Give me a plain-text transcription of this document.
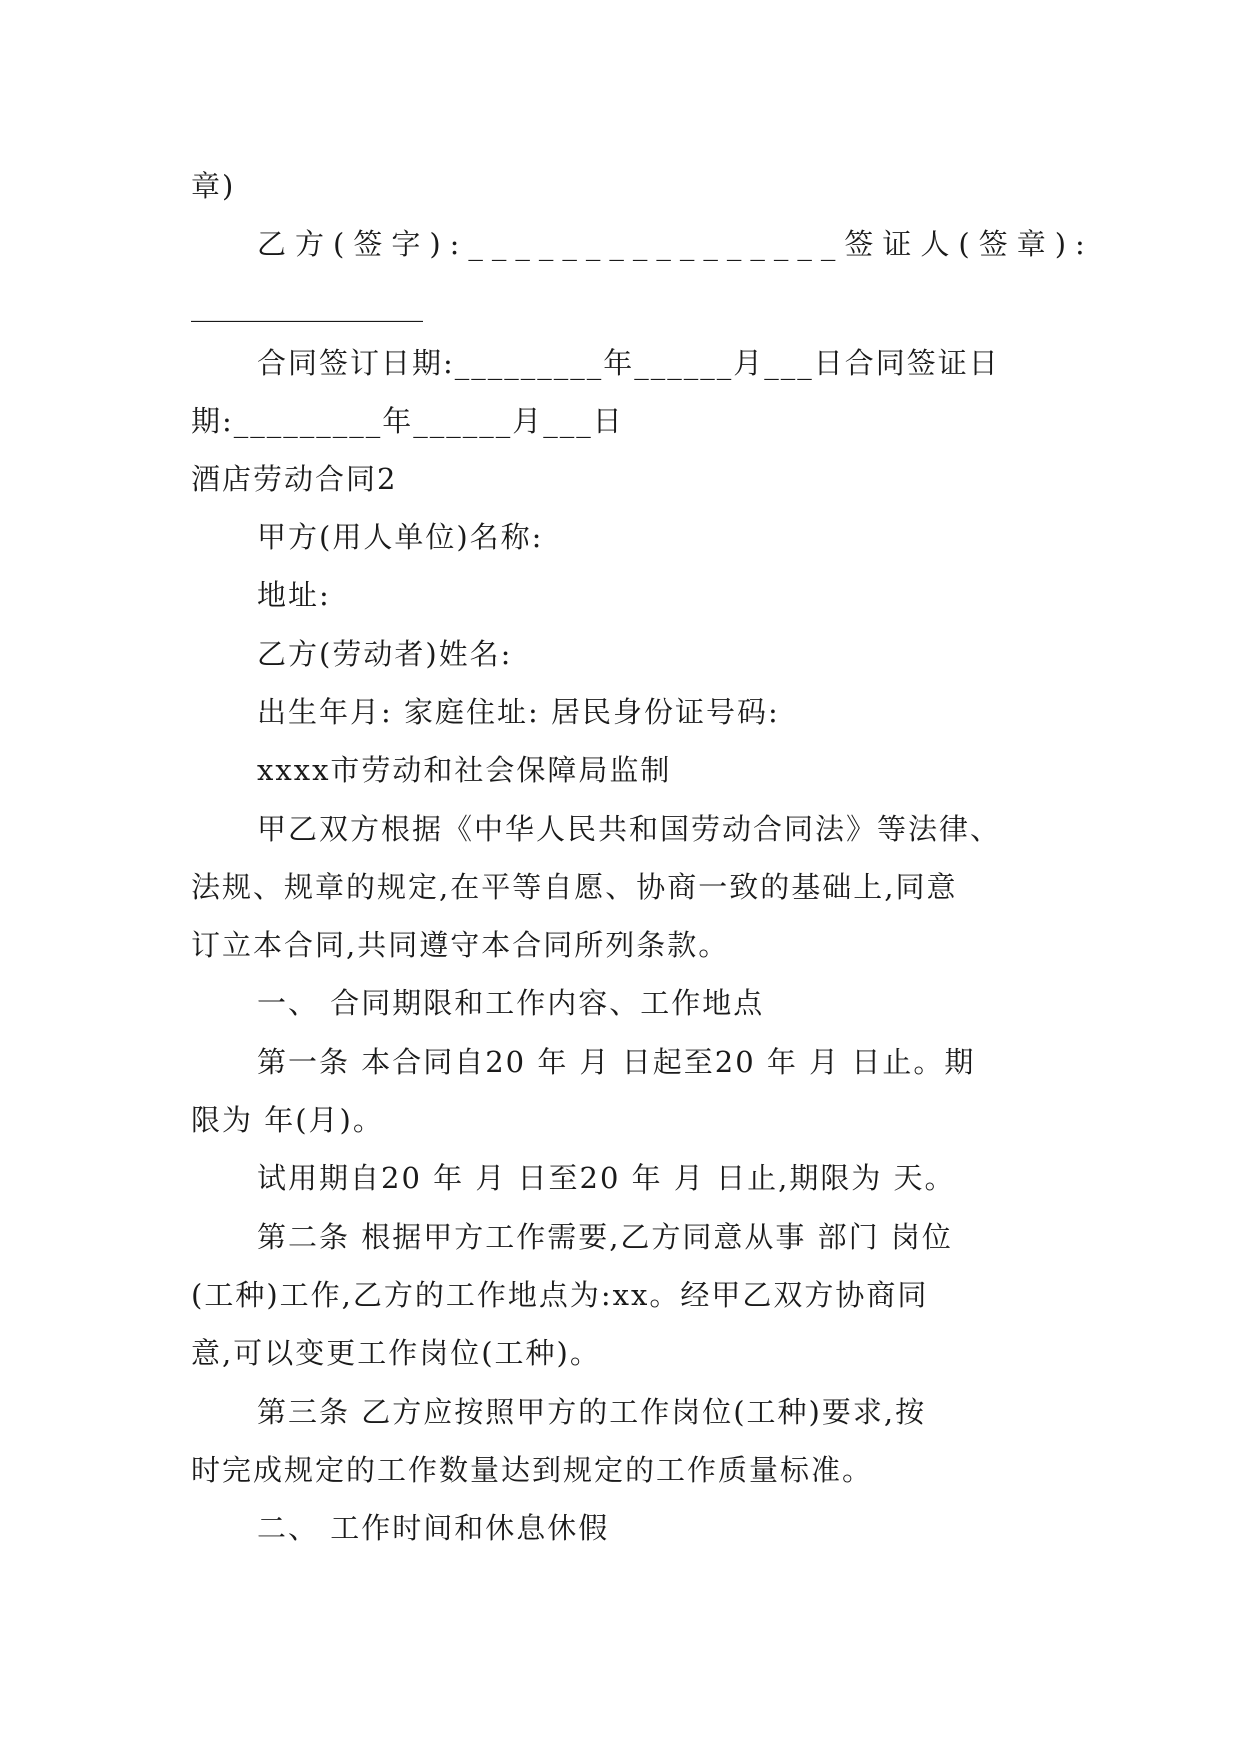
章)
乙方(签字):________________签证人(签章):
________________
合同签订日期:_________年______月___日合同签证日
期:_________年______月___日
酒店劳动合同2
甲方(用人单位)名称:
地址:
乙方(劳动者)姓名:
出生年月: 家庭住址: 居民身份证号码:
xxxx市劳动和社会保障局监制
甲乙双方根据《中华人民共和国劳动合同法》等法律、
法规、规章的规定,在平等自愿、协商一致的基础上,同意
订立本合同,共同遵守本合同所列条款。
一、 合同期限和工作内容、工作地点
第一条 本合同自20 年 月 日起至20 年 月 日止。期
限为 年(月)。
试用期自20 年 月 日至20 年 月 日止,期限为 天。
第二条 根据甲方工作需要,乙方同意从事 部门 岗位
(工种)工作,乙方的工作地点为:xx。经甲乙双方协商同
意,可以变更工作岗位(工种)。
第三条 乙方应按照甲方的工作岗位(工种)要求,按
时完成规定的工作数量达到规定的工作质量标准。
二、 工作时间和休息休假
